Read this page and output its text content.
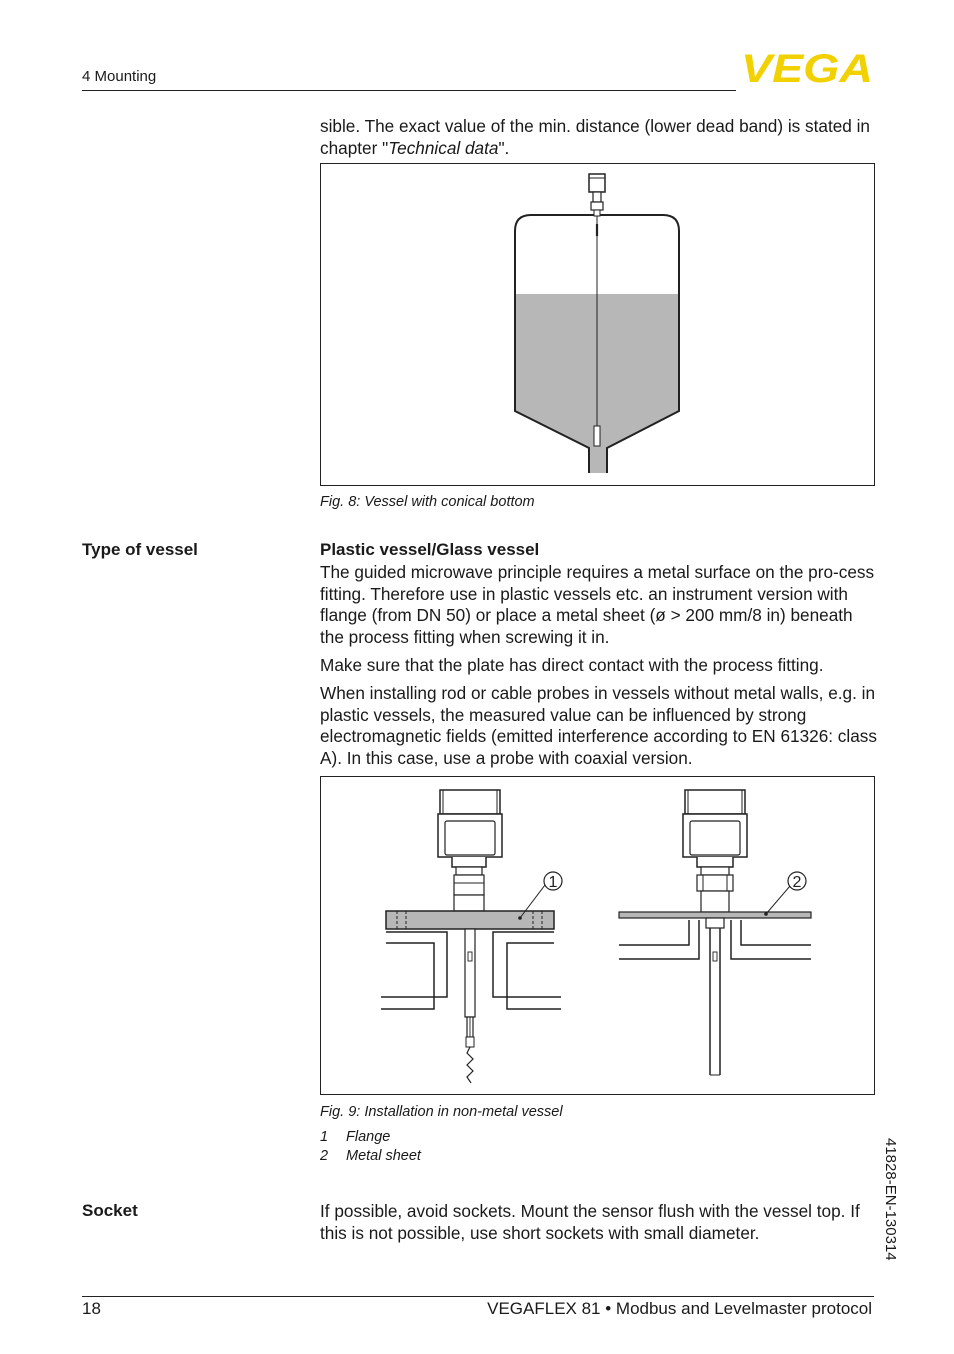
4 Mounting	VEGA
sible. The exact value of the min. distance (lower dead band) is stated in chapter "Technical data".
Fig. 8: Vessel with conical bottom
Type of vessel	Plastic vessel/Glass vessel

The guided microwave principle requires a metal surface on the pro-cess fitting. Therefore use in plastic vessels etc. an instrument version with flange (from DN 50) or place a metal sheet (ø > 200 mm/8 in) beneath the process fitting when screwing it in.

Make sure that the plate has direct contact with the process fitting.

When installing rod or cable probes in vessels without metal walls, e.g. in plastic vessels, the measured value can be influenced by strong electromagnetic fields (emitted interference according to EN 61326: class A). In this case, use a probe with coaxial version.

1	2
Fig. 9: Installation in non-metal vessel
1 Flange
2 Metal sheet
Socket	If possible, avoid sockets. Mount the sensor flush with the vessel top. If this is not possible, use short sockets with small diameter.	41828-EN-130314
18	VEGAFLEX 81 • Modbus and Levelmaster protocol
